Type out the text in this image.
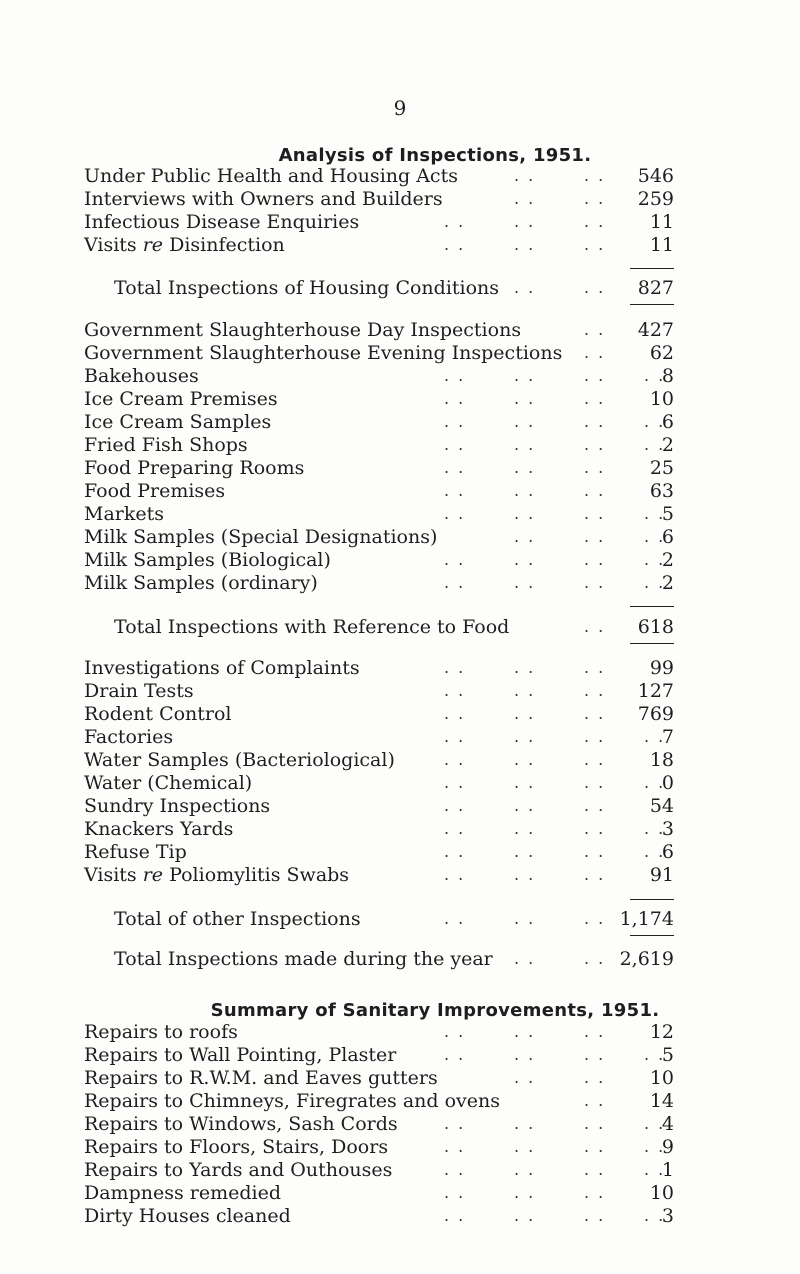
9
Analysis of Inspections, 1951.
Under Public Health and Housing Acts	546
. .	. .
Interviews with Owners and Builders	259
. .	. .
Infectious Disease Enquiries	11
. .	. .	. .
Visits re Disinfection	11
. .	. .	. .
Total Inspections of Housing Conditions	827
. .	. .
Government Slaughterhouse Day Inspections	427
. .
Government Slaughterhouse Evening Inspections	62
. .
Bakehouses	8
. .	. .	. . . .
Ice Cream Premises	10
. .	. .	. .
Ice Cream Samples	6
. .	. .	. . . .
Fried Fish Shops	2
. .	. .	. . . .
Food Preparing Rooms	25
. .	. .	. .
Food Premises	63
. .	. .	. .
Markets	5
. .	. .	. . . .
Milk Samples (Special Designations)	6
. .	. . . .
Milk Samples (Biological)	2
. .	. .	. . . .
Milk Samples (ordinary)	2
. .	. .	. . . .
Total Inspections with Reference to Food	618
. .
Investigations of Complaints	99
. .	. .	. .
Drain Tests	127
. .	. .	. .
Rodent Control	769
. .	. .	. .
Factories	7
. .	. .	. . . .
Water Samples (Bacteriological)	18
. .	. .	. .
Water (Chemical)	0
. .	. .	. . . .
Sundry Inspections	54
. .	. .	. .
Knackers Yards	3
. .	. .	. . . .
Refuse Tip	6
. .	. .	. . . .
Visits re Poliomylitis Swabs	91
. .	. .	. .
Total of other Inspections	1,174
. .	. .	. .
Total Inspections made during the year	2,619
. .	. .
Summary of Sanitary Improvements, 1951.
Repairs to roofs	12
. .	. .	. .
Repairs to Wall Pointing, Plaster	5
. .	. .	. . . .
Repairs to R.W.M. and Eaves gutters	10
. .	. .
Repairs to Chimneys, Firegrates and ovens	14
. .
Repairs to Windows, Sash Cords	4
. .	. .	. . . .
Repairs to Floors, Stairs, Doors	9
. .	. .	. . . .
Repairs to Yards and Outhouses	1
. .	. .	. . . .
Dampness remedied	10
. .	. .	. .
Dirty Houses cleaned	3
. .	. .	. . . .
